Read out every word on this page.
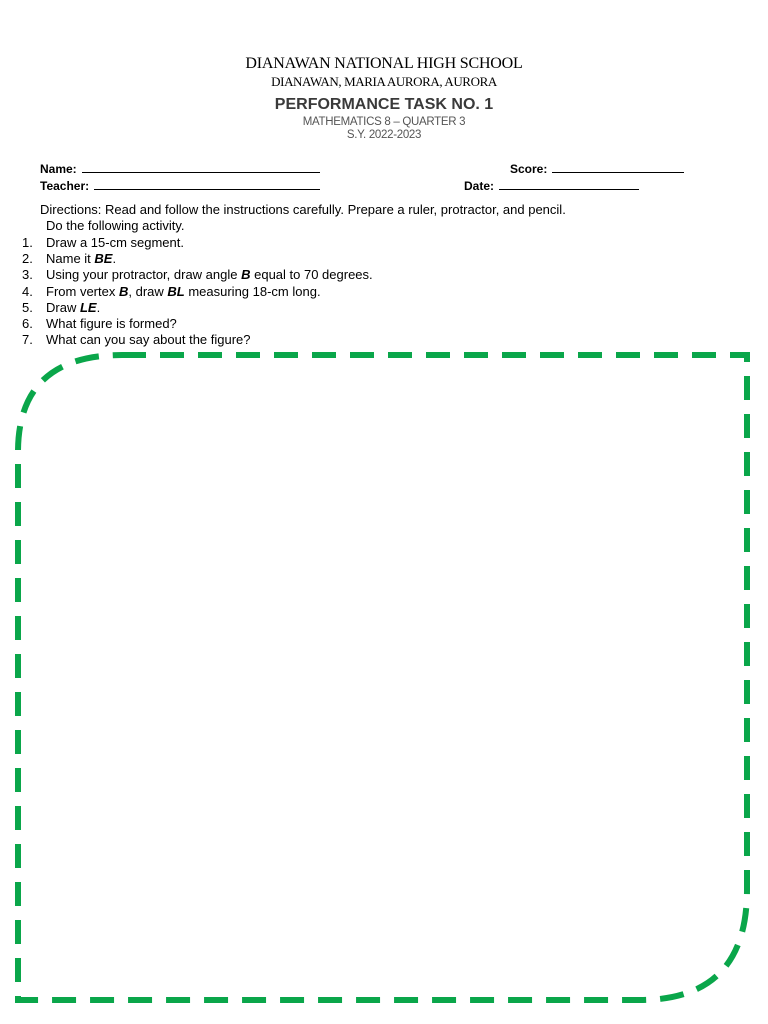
DIANAWAN NATIONAL HIGH SCHOOL
DIANAWAN, MARIA AURORA, AURORA
PERFORMANCE TASK NO. 1
MATHEMATICS 8 – QUARTER 3
S.Y. 2022-2023
Name:	Score:
Teacher:	Date:
Directions: Read and follow the instructions carefully. Prepare a ruler, protractor, and pencil.
Do the following activity.
1.	Draw a 15-cm segment.
2.	Name it BE.
3.	Using your protractor, draw angle B equal to 70 degrees.
4.	From vertex B, draw BL measuring 18-cm long.
5.	Draw LE.
6.	What figure is formed?
7.	What can you say about the figure?
